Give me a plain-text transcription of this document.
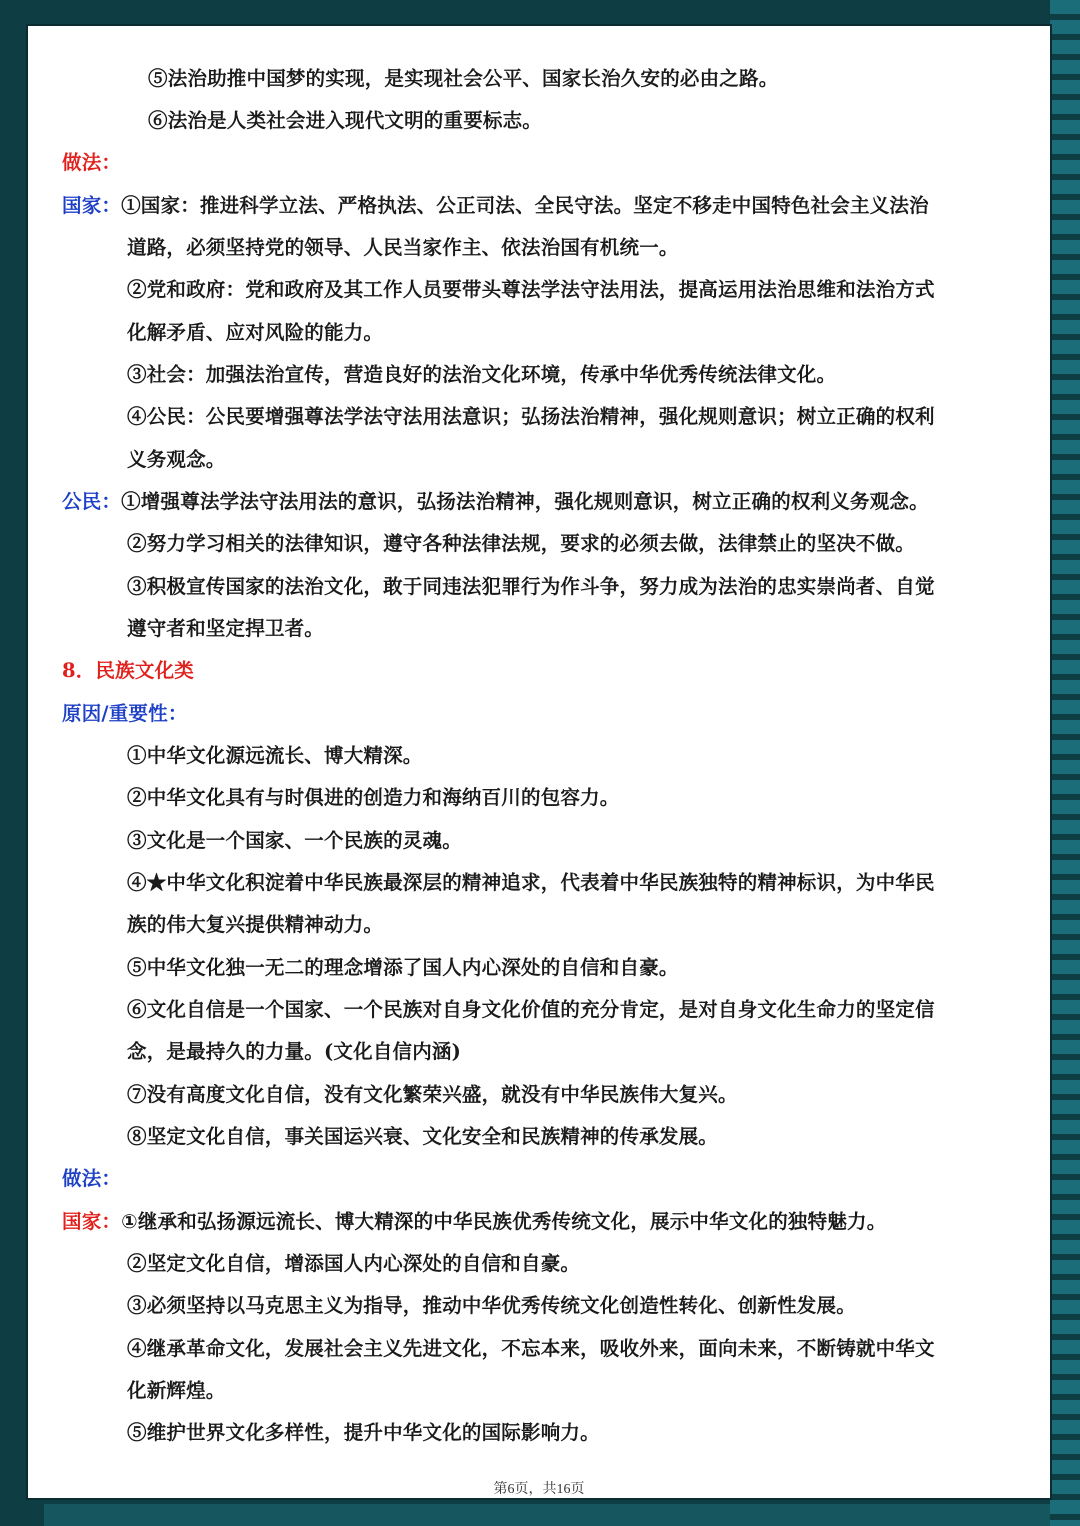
⑤法治助推中国梦的实现，是实现社会公平、国家长治久安的必由之路。
⑥法治是人类社会进入现代文明的重要标志。
做法：
国家：①国家：推进科学立法、严格执法、公正司法、全民守法。坚定不移走中国特色社会主义法治
道路，必须坚持党的领导、人民当家作主、依法治国有机统一。
②党和政府：党和政府及其工作人员要带头尊法学法守法用法，提高运用法治思维和法治方式
化解矛盾、应对风险的能力。
③社会：加强法治宣传，营造良好的法治文化环境，传承中华优秀传统法律文化。
④公民：公民要增强尊法学法守法用法意识；弘扬法治精神，强化规则意识；树立正确的权利
义务观念。
公民：①增强尊法学法守法用法的意识，弘扬法治精神，强化规则意识，树立正确的权利义务观念。
②努力学习相关的法律知识，遵守各种法律法规，要求的必须去做，法律禁止的坚决不做。
③积极宣传国家的法治文化，敢于同违法犯罪行为作斗争，努力成为法治的忠实崇尚者、自觉
遵守者和坚定捍卫者。
8．民族文化类
原因/重要性：
①中华文化源远流长、博大精深。
②中华文化具有与时俱进的创造力和海纳百川的包容力。
③文化是一个国家、一个民族的灵魂。
④★中华文化积淀着中华民族最深层的精神追求，代表着中华民族独特的精神标识，为中华民
族的伟大复兴提供精神动力。
⑤中华文化独一无二的理念增添了国人内心深处的自信和自豪。
⑥文化自信是一个国家、一个民族对自身文化价值的充分肯定，是对自身文化生命力的坚定信
念，是最持久的力量。(文化自信内涵)
⑦没有高度文化自信，没有文化繁荣兴盛，就没有中华民族伟大复兴。
⑧坚定文化自信，事关国运兴衰、文化安全和民族精神的传承发展。
做法：
国家：①继承和弘扬源远流长、博大精深的中华民族优秀传统文化，展示中华文化的独特魅力。
②坚定文化自信，增添国人内心深处的自信和自豪。
③必须坚持以马克思主义为指导，推动中华优秀传统文化创造性转化、创新性发展。
④继承革命文化，发展社会主义先进文化，不忘本来，吸收外来，面向未来，不断铸就中华文
化新辉煌。
⑤维护世界文化多样性，提升中华文化的国际影响力。
第6页，共16页
